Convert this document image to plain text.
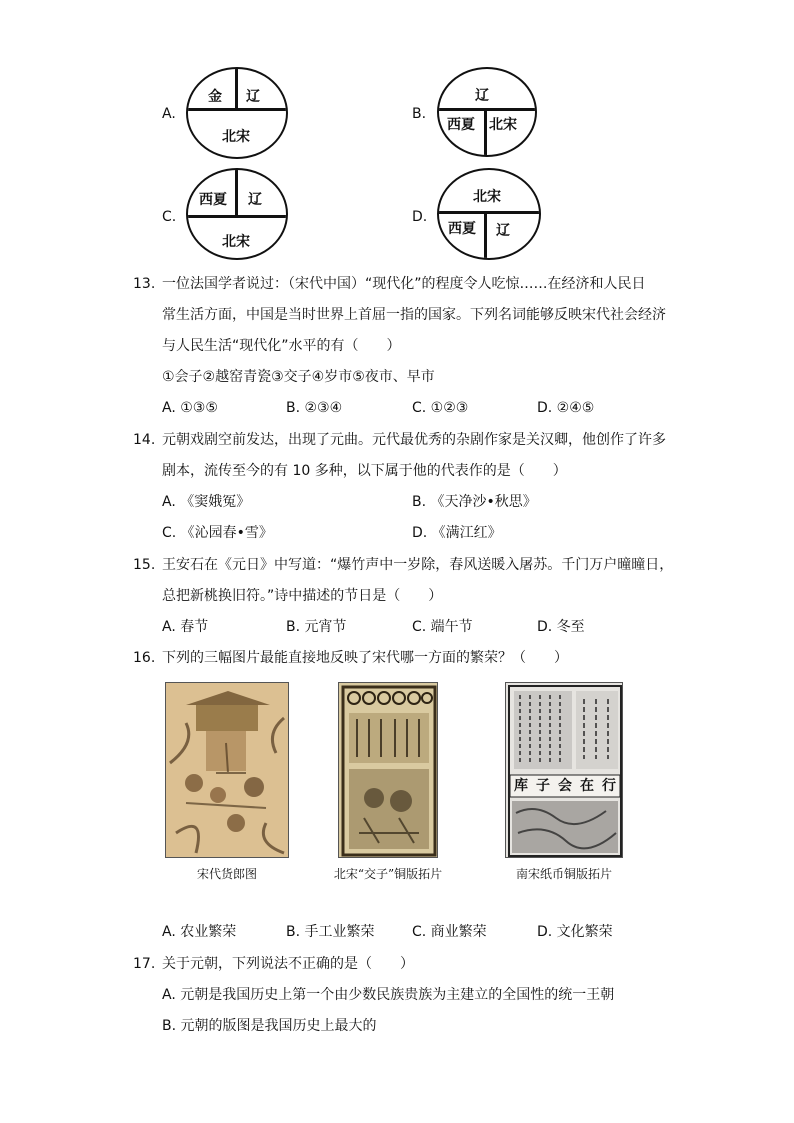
A.
金 辽
北宋
B.
辽
西夏 北宋
C.
西夏 辽
北宋
D.
北宋
西夏 辽
13. 一位法国学者说过：（宋代中国）“现代化”的程度令人吃惊……在经济和人民日
常生活方面，中国是当时世界上首屈一指的国家。下列名词能够反映宋代社会经济
与人民生活“现代化”水平的有（　　）
①会子②越窑青瓷③交子④岁市⑤夜市、早市
A. ①③⑤	B. ②③④	C. ①②③	D. ②④⑤
14. 元朝戏剧空前发达，出现了元曲。元代最优秀的杂剧作家是关汉卿，他创作了许多
剧本，流传至今的有 10 多种，以下属于他的代表作的是（　　）
A. 《窦娥冤》	B. 《天净沙•秋思》
C. 《沁园春•雪》	D. 《满江红》
15. 王安石在《元日》中写道：“爆竹声中一岁除，春风送暖入屠苏。千门万户曈曈日，
总把新桃换旧符。”诗中描述的节日是（　　）
A. 春节	B. 元宵节	C. 端午节	D. 冬至
16. 下列的三幅图片最能直接地反映了宋代哪一方面的繁荣？（　　）
宋代货郎图	北宋“交子”铜版拓片
行
在
会
子
库
南宋纸币铜版拓片
A. 农业繁荣	B. 手工业繁荣	C. 商业繁荣	D. 文化繁荣
17. 关于元朝，下列说法不正确的是（　　）
A. 元朝是我国历史上第一个由少数民族贵族为主建立的全国性的统一王朝
B. 元朝的版图是我国历史上最大的
